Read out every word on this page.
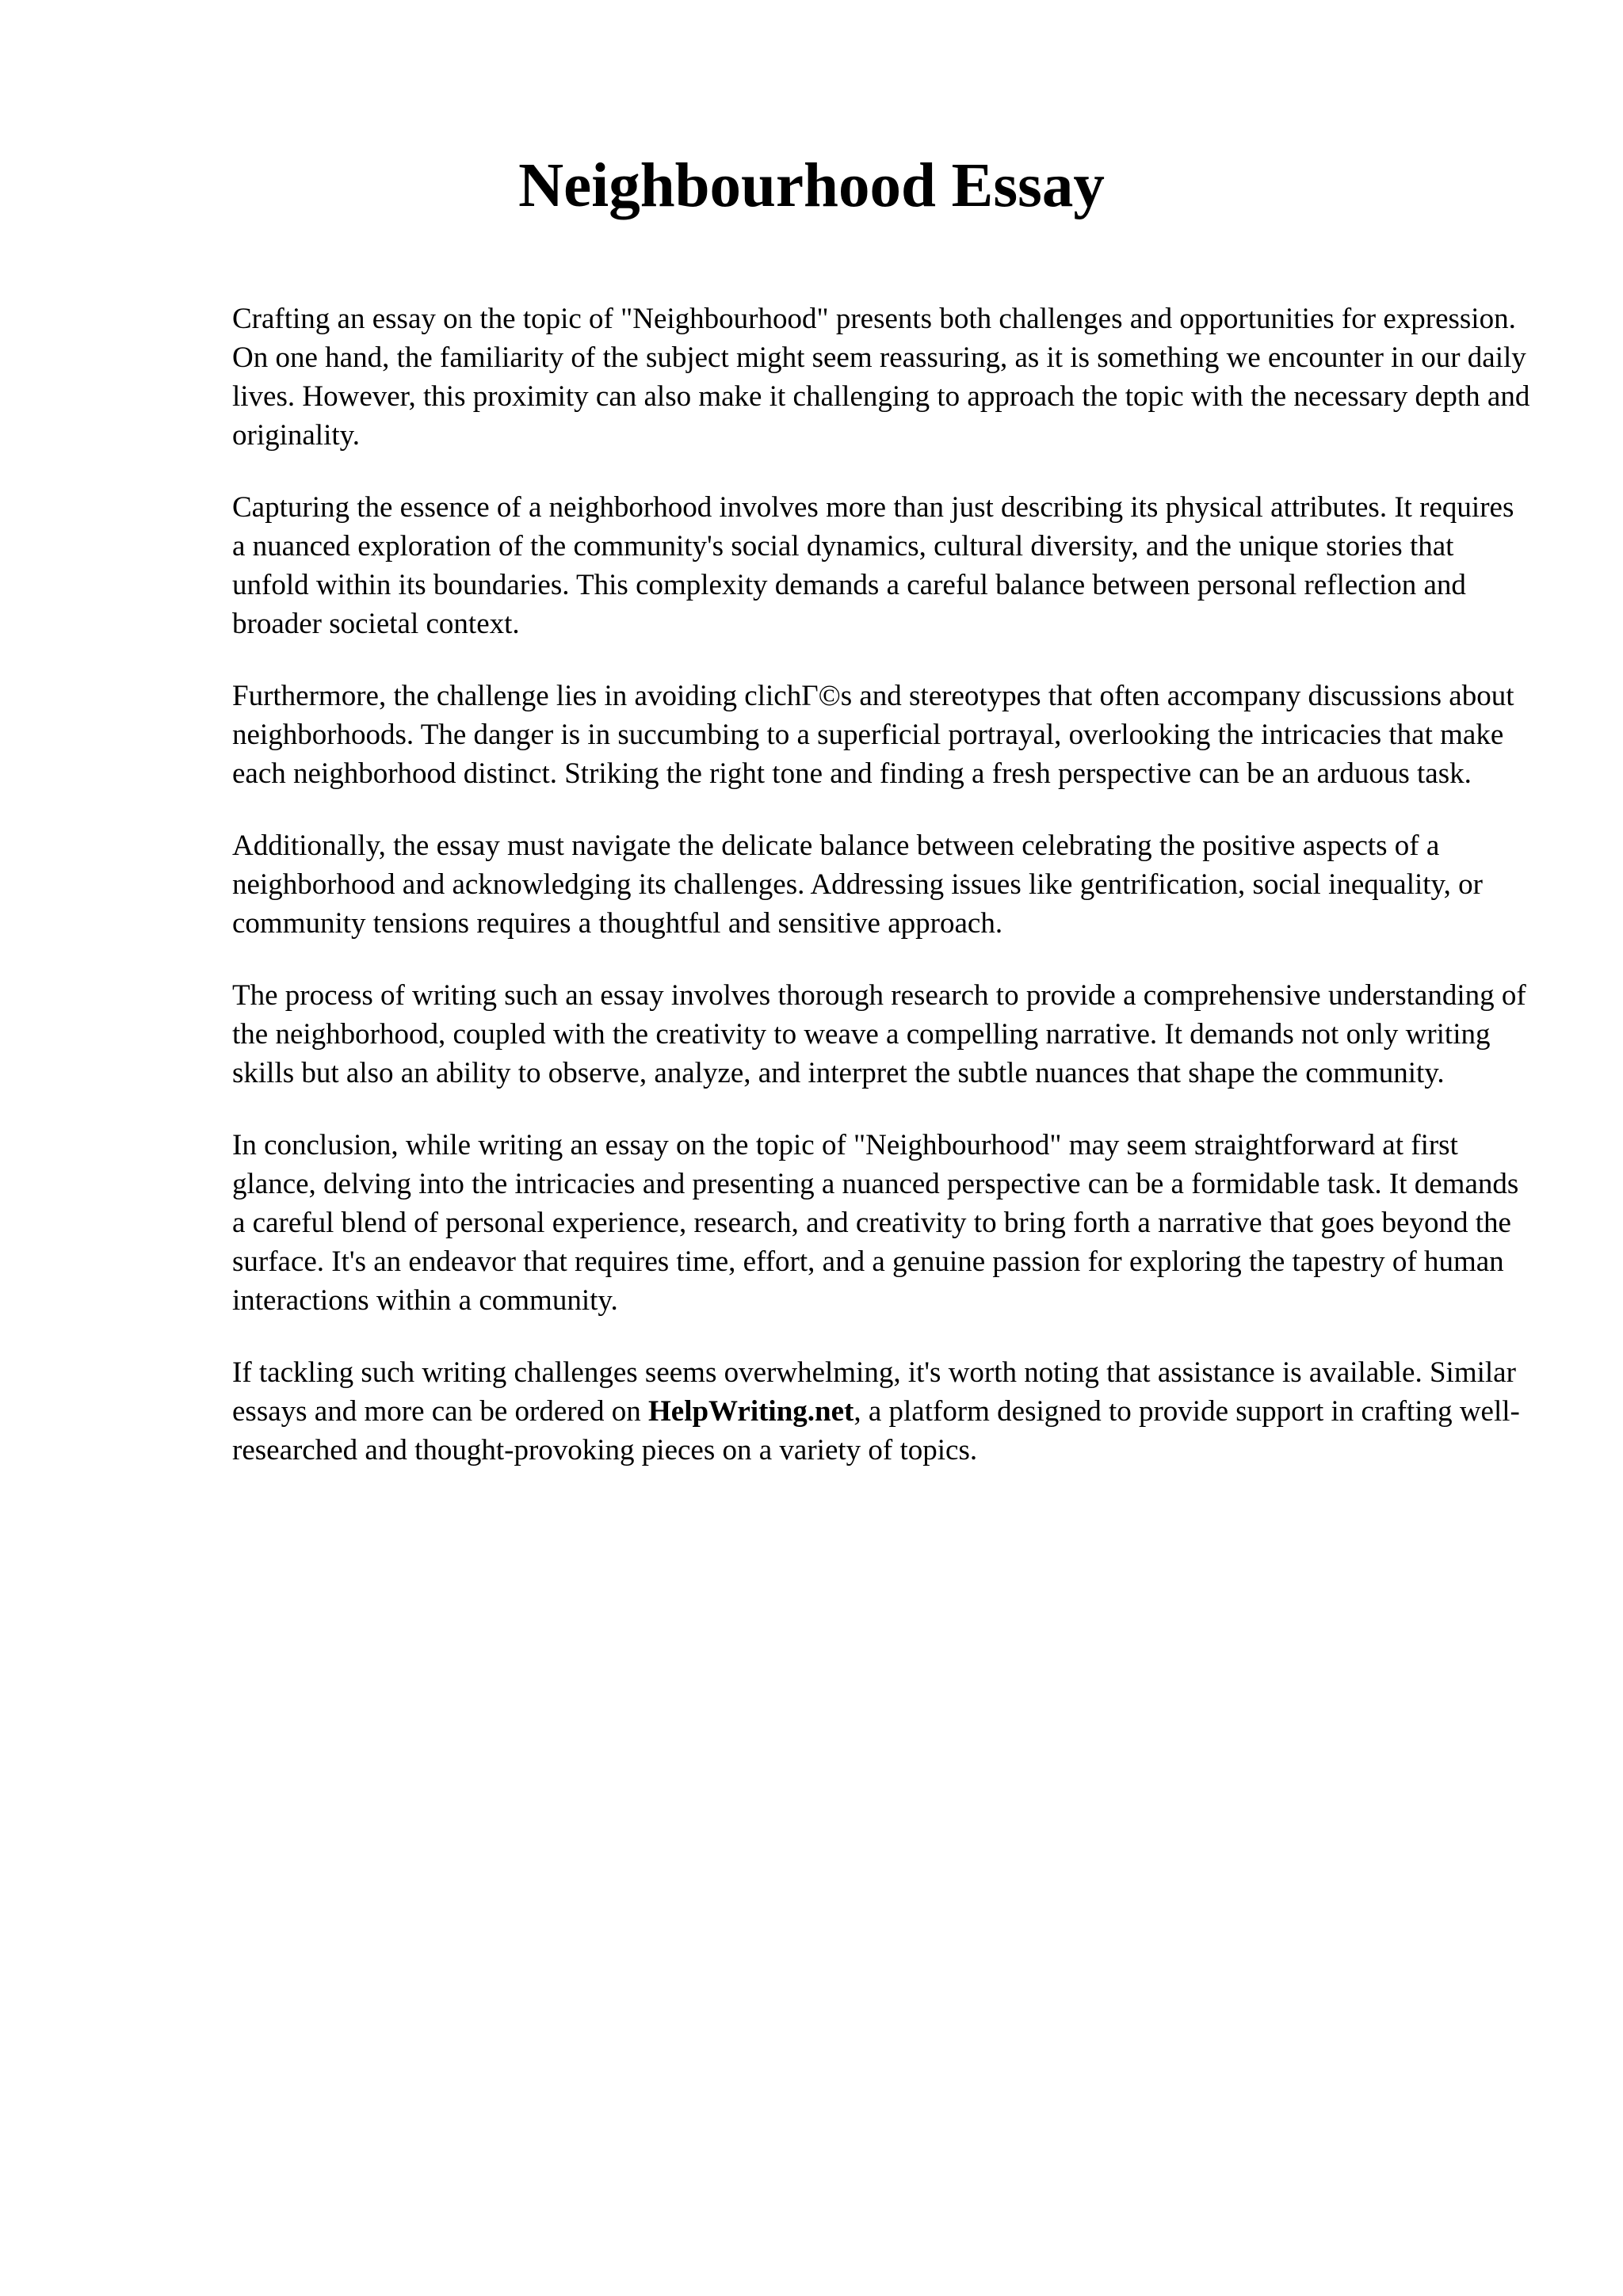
Neighbourhood Essay

Crafting an essay on the topic of "Neighbourhood" presents both challenges and opportunities for expression. On one hand, the familiarity of the subject might seem reassuring, as it is something we encounter in our daily lives. However, this proximity can also make it challenging to approach the topic with the necessary depth and originality.

Capturing the essence of a neighborhood involves more than just describing its physical attributes. It requires a nuanced exploration of the community's social dynamics, cultural diversity, and the unique stories that unfold within its boundaries. This complexity demands a careful balance between personal reflection and broader societal context.

Furthermore, the challenge lies in avoiding clichΓ©s and stereotypes that often accompany discussions about neighborhoods. The danger is in succumbing to a superficial portrayal, overlooking the intricacies that make each neighborhood distinct. Striking the right tone and finding a fresh perspective can be an arduous task.

Additionally, the essay must navigate the delicate balance between celebrating the positive aspects of a neighborhood and acknowledging its challenges. Addressing issues like gentrification, social inequality, or community tensions requires a thoughtful and sensitive approach.

The process of writing such an essay involves thorough research to provide a comprehensive understanding of the neighborhood, coupled with the creativity to weave a compelling narrative. It demands not only writing skills but also an ability to observe, analyze, and interpret the subtle nuances that shape the community.

In conclusion, while writing an essay on the topic of "Neighbourhood" may seem straightforward at first glance, delving into the intricacies and presenting a nuanced perspective can be a formidable task. It demands a careful blend of personal experience, research, and creativity to bring forth a narrative that goes beyond the surface. It's an endeavor that requires time, effort, and a genuine passion for exploring the tapestry of human interactions within a community.

If tackling such writing challenges seems overwhelming, it's worth noting that assistance is available. Similar essays and more can be ordered on HelpWriting.net, a platform designed to provide support in crafting well-researched and thought-provoking pieces on a variety of topics.
